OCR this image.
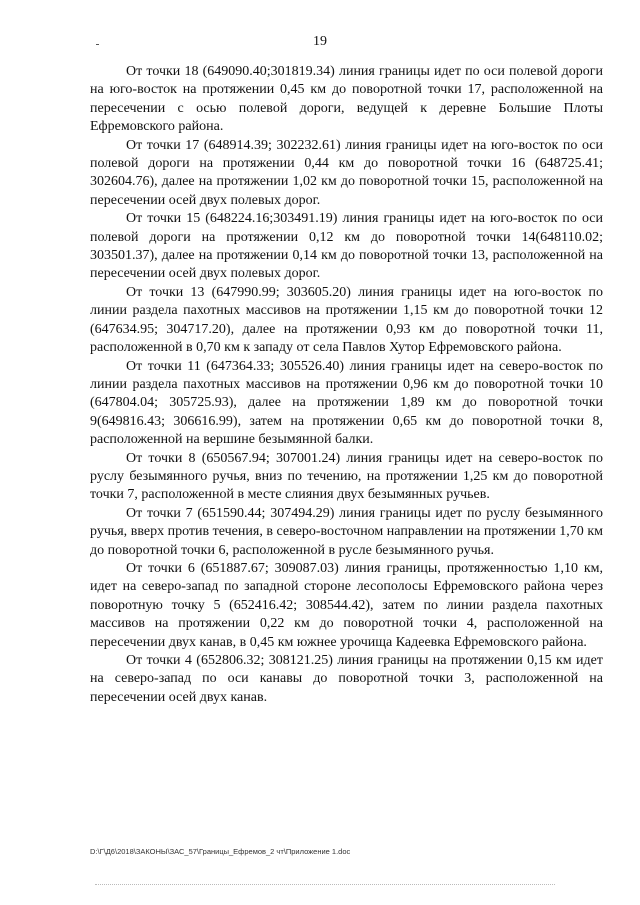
19

От точки 18 (649090.40;301819.34) линия границы идет по оси полевой дороги на юго-восток на протяжении 0,45 км до поворотной точки 17, расположенной на пересечении с осью полевой дороги, ведущей к деревне Большие Плоты Ефремовского района.

От точки 17 (648914.39; 302232.61) линия границы идет на юго-восток по оси полевой дороги на протяжении 0,44 км до поворотной точки 16 (648725.41; 302604.76), далее на протяжении 1,02 км до поворотной точки 15, расположенной на пересечении осей двух полевых дорог.

От точки 15 (648224.16;303491.19) линия границы идет на юго-восток по оси полевой дороги на протяжении 0,12 км до поворотной точки 14(648110.02; 303501.37), далее на протяжении 0,14 км до поворотной точки 13, расположенной на пересечении осей двух полевых дорог.

От точки 13 (647990.99; 303605.20) линия границы идет на юго-восток по линии раздела пахотных массивов на протяжении 1,15 км до поворотной точки 12 (647634.95; 304717.20), далее на протяжении 0,93 км до поворотной точки 11, расположенной в 0,70 км к западу от села Павлов Хутор Ефремовского района.

От точки 11 (647364.33; 305526.40) линия границы идет на северо-восток по линии раздела пахотных массивов на протяжении 0,96 км до поворотной точки 10 (647804.04; 305725.93), далее на протяжении 1,89 км до поворотной точки 9(649816.43; 306616.99), затем на протяжении 0,65 км до поворотной точки 8, расположенной на вершине безымянной балки.

От точки 8 (650567.94; 307001.24) линия границы идет на северо-восток по руслу безымянного ручья, вниз по течению, на протяжении 1,25 км до поворотной точки 7, расположенной в месте слияния двух безымянных ручьев.

От точки 7 (651590.44; 307494.29) линия границы идет по руслу безымянного ручья, вверх против течения, в северо-восточном направлении на протяжении 1,70 км до поворотной точки 6, расположенной в русле безымянного ручья.

От точки 6 (651887.67; 309087.03) линия границы, протяженностью 1,10 км, идет на северо-запад по западной стороне лесополосы Ефремовского района через поворотную точку 5 (652416.42; 308544.42), затем по линии раздела пахотных массивов на протяжении 0,22 км до поворотной точки 4, расположенной на пересечении двух канав, в 0,45 км южнее урочища Кадеевка Ефремовского района.

От точки 4 (652806.32; 308121.25) линия границы на протяжении 0,15 км идет на северо-запад по оси канавы до поворотной точки 3, расположенной на пересечении осей двух канав.

D:\Г\Д6\2018\ЗАКОНЫ\ЗАС_57\Границы_Ефремов_2 чт\Приложение 1.doc
